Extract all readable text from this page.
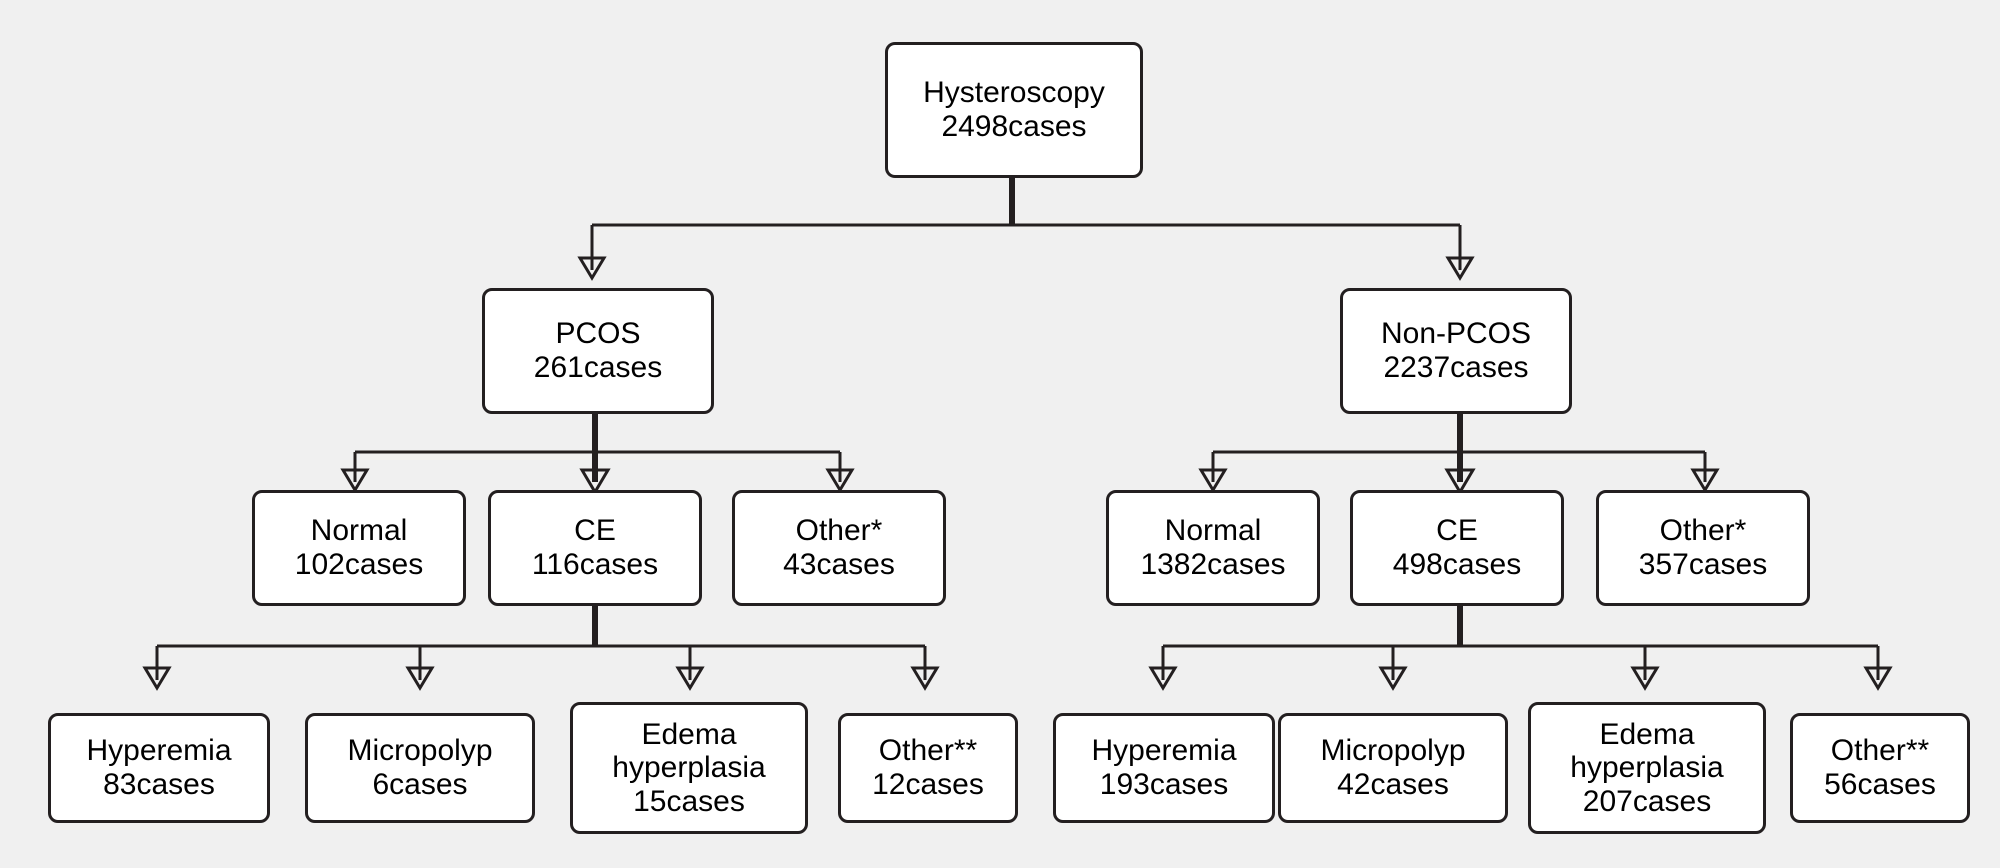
Hysteroscopy
2498cases
PCOS
261cases
Non-PCOS
2237cases
Normal
102cases
CE
116cases
Other*
43cases
Normal
1382cases
CE
498cases
Other*
357cases
Hyperemia
83cases
Micropolyp
6cases
Edema
hyperplasia
15cases
Other**
12cases
Hyperemia
193cases
Micropolyp
42cases
Edema
hyperplasia
207cases
Other**
56cases
